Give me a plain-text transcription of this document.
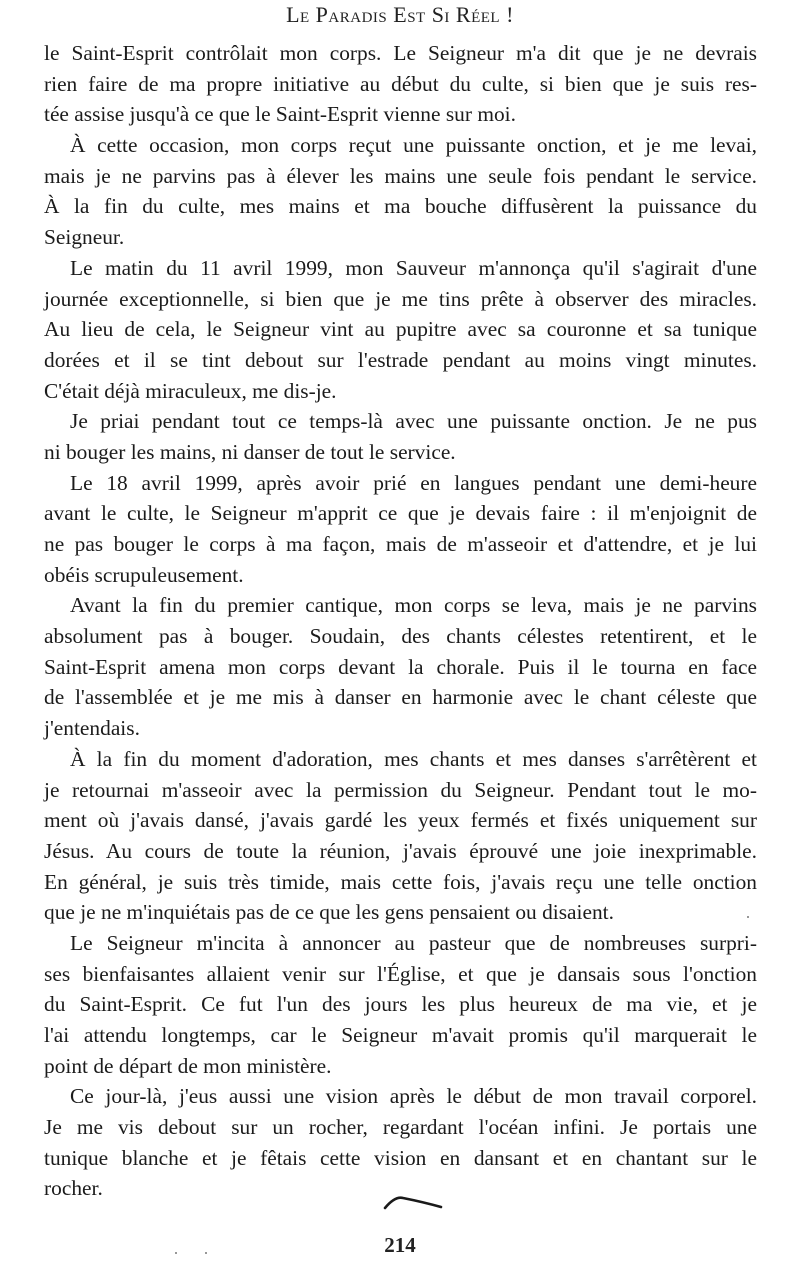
Le Paradis Est Si Réel !
le Saint-Esprit contrôlait mon corps. Le Seigneur m'a dit que je ne devrais
rien faire de ma propre initiative au début du culte, si bien que je suis res-
tée assise jusqu'à ce que le Saint-Esprit vienne sur moi.
À cette occasion, mon corps reçut une puissante onction, et je me levai,
mais je ne parvins pas à élever les mains une seule fois pendant le service.
À la fin du culte, mes mains et ma bouche diffusèrent la puissance du
Seigneur.
Le matin du 11 avril 1999, mon Sauveur m'annonça qu'il s'agirait d'une
journée exceptionnelle, si bien que je me tins prête à observer des miracles.
Au lieu de cela, le Seigneur vint au pupitre avec sa couronne et sa tunique
dorées et il se tint debout sur l'estrade pendant au moins vingt minutes.
C'était déjà miraculeux, me dis-je.
Je priai pendant tout ce temps-là avec une puissante onction. Je ne pus
ni bouger les mains, ni danser de tout le service.
Le 18 avril 1999, après avoir prié en langues pendant une demi-heure
avant le culte, le Seigneur m'apprit ce que je devais faire : il m'enjoignit de
ne pas bouger le corps à ma façon, mais de m'asseoir et d'attendre, et je lui
obéis scrupuleusement.
Avant la fin du premier cantique, mon corps se leva, mais je ne parvins
absolument pas à bouger. Soudain, des chants célestes retentirent, et le
Saint-Esprit amena mon corps devant la chorale. Puis il le tourna en face
de l'assemblée et je me mis à danser en harmonie avec le chant céleste que
j'entendais.
À la fin du moment d'adoration, mes chants et mes danses s'arrêtèrent et
je retournai m'asseoir avec la permission du Seigneur. Pendant tout le mo-
ment où j'avais dansé, j'avais gardé les yeux fermés et fixés uniquement sur
Jésus. Au cours de toute la réunion, j'avais éprouvé une joie inexprimable.
En général, je suis très timide, mais cette fois, j'avais reçu une telle onction
que je ne m'inquiétais pas de ce que les gens pensaient ou disaient.
Le Seigneur m'incita à annoncer au pasteur que de nombreuses surpri-
ses bienfaisantes allaient venir sur l'Église, et que je dansais sous l'onction
du Saint-Esprit. Ce fut l'un des jours les plus heureux de ma vie, et je
l'ai attendu longtemps, car le Seigneur m'avait promis qu'il marquerait le
point de départ de mon ministère.
Ce jour-là, j'eus aussi une vision après le début de mon travail corporel.
Je me vis debout sur un rocher, regardant l'océan infini. Je portais une
tunique blanche et je fêtais cette vision en dansant et en chantant sur le
rocher.
214
